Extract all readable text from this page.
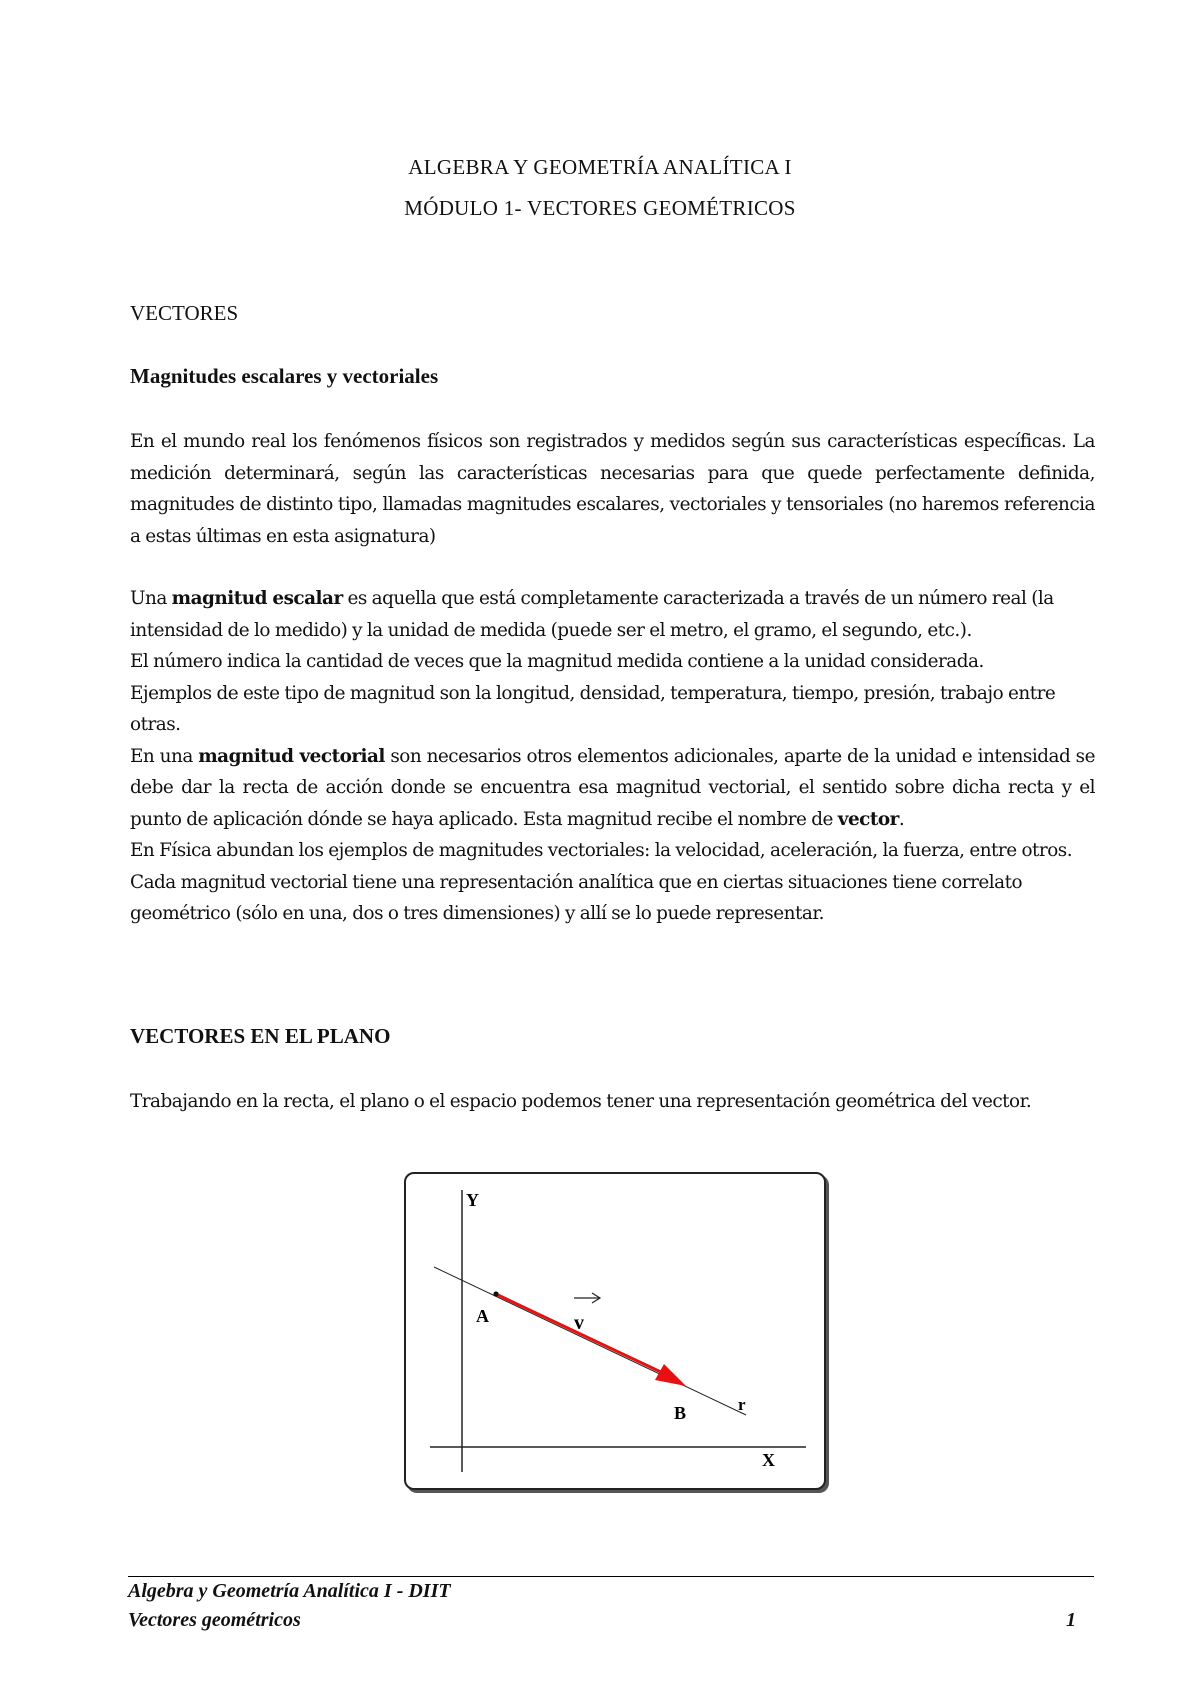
ALGEBRA Y GEOMETRÍA ANALÍTICA I
MÓDULO 1- VECTORES GEOMÉTRICOS
VECTORES
Magnitudes escalares y vectoriales

En el mundo real los fenómenos físicos son registrados y medidos según sus características específicas. La medición determinará, según las características necesarias para que quede perfectamente definida, magnitudes de distinto tipo, llamadas magnitudes escalares, vectoriales y tensoriales (no haremos referencia a estas últimas en esta asignatura)

Una magnitud escalar es aquella que está completamente caracterizada a través de un número real (la intensidad de lo medido) y la unidad de medida (puede ser el metro, el gramo, el segundo, etc.).

El número indica la cantidad de veces que la magnitud medida contiene a la unidad considerada.

Ejemplos de este tipo de magnitud son la longitud, densidad, temperatura, tiempo, presión, trabajo entre otras.

En una magnitud vectorial son necesarios otros elementos adicionales, aparte de la unidad e intensidad se debe dar la recta de acción donde se encuentra esa magnitud vectorial, el sentido sobre dicha recta y el punto de aplicación dónde se haya aplicado. Esta magnitud recibe el nombre de vector.

En Física abundan los ejemplos de magnitudes vectoriales: la velocidad, aceleración, la fuerza, entre otros.

Cada magnitud vectorial tiene una representación analítica que en ciertas situaciones tiene correlato geométrico (sólo en una, dos o tres dimensiones) y allí se lo puede representar.

VECTORES EN EL PLANO

Trabajando en la recta, el plano o el espacio podemos tener una representación geométrica del vector.

Y
X
A	v
B	r
Algebra y Geometría Analítica I - DIIT
Vectores geométricos	1
